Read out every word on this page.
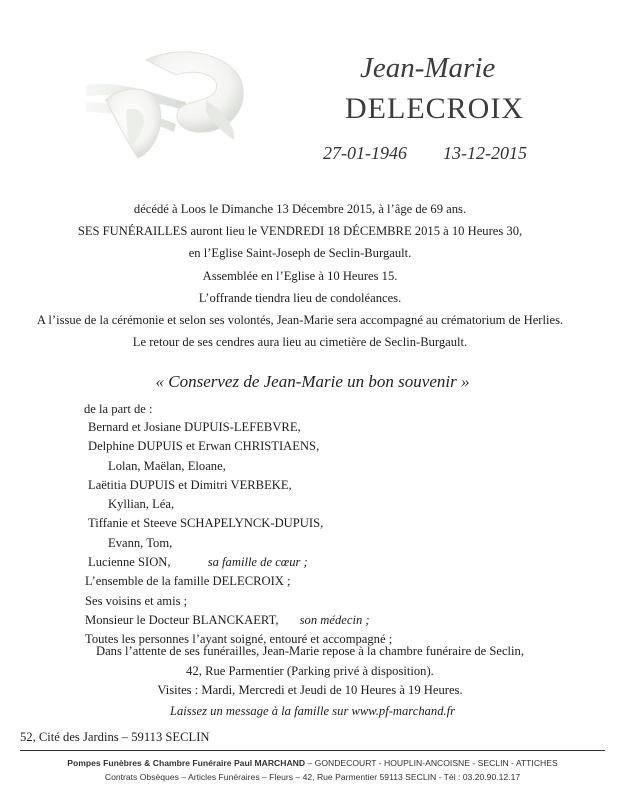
Jean-Marie
DELECROIX
27-01-1946 13-12-2015
décédé à Loos le Dimanche 13 Décembre 2015, à l’âge de 69 ans.
SES FUNÉRAILLES auront lieu le VENDREDI 18 DÉCEMBRE 2015 à 10 Heures 30,
en l’Eglise Saint-Joseph de Seclin-Burgault.
Assemblée en l’Eglise à 10 Heures 15.
L’offrande tiendra lieu de condoléances.
A l’issue de la cérémonie et selon ses volontés, Jean-Marie sera accompagné au crématorium de Herlies.
Le retour de ses cendres aura lieu au cimetière de Seclin-Burgault.
« Conservez de Jean-Marie un bon souvenir »
de la part de :
Bernard et Josiane DUPUIS-LEFEBVRE,
Delphine DUPUIS et Erwan CHRISTIAENS,
Lolan, Maëlan, Eloane,
Laëtitia DUPUIS et Dimitri VERBEKE,
Kyllian, Léa,
Tiffanie et Steeve SCHAPELYNCK-DUPUIS,
Evann, Tom,
Lucienne SION,	sa famille de cœur ;
L’ensemble de la famille DELECROIX ;
Ses voisins et amis ;
Monsieur le Docteur BLANCKAERT, son médecin ;
Toutes les personnes l’ayant soigné, entouré et accompagné ;
Dans l’attente de ses funérailles, Jean-Marie repose à la chambre funéraire de Seclin,
42, Rue Parmentier (Parking privé à disposition).
Visites : Mardi, Mercredi et Jeudi de 10 Heures à 19 Heures.
Laissez un message à la famille sur www.pf-marchand.fr
52, Cité des Jardins – 59113 SECLIN
Pompes Funèbres & Chambre Funéraire Paul MARCHAND – GONDECOURT - HOUPLIN-ANCOISNE - SECLIN - ATTICHES
Contrats Obsèques – Articles Funéraires – Fleurs – 42, Rue Parmentier 59113 SECLIN - Tél : 03.20.90.12.17
